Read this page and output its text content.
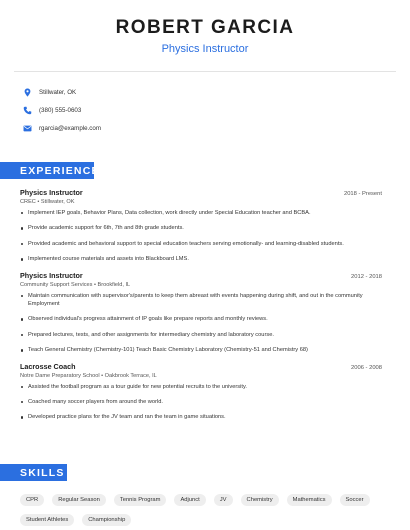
ROBERT GARCIA
Physics Instructor
Stillwater, OK
(380) 555-0603
rgarcia@example.com
EXPERIENCE
Physics Instructor	2018 - Present
CREC • Stillwater, OK
Implement IEP goals, Behavior Plans, Data collection, work directly under Special Education teacher and BCBA.
Provide academic support for 6th, 7th and 8th grade students.
Provided academic and behavioral support to special education teachers serving emotionally- and learning-disabled students.
Implemented course materials and assets into Blackboard LMS.
Physics Instructor	2012 - 2018
Community Support Services • Brookfield, IL
Maintain communication with supervisor's/parents to keep them abreast with events happening during shift, and out in the community Employment
Observed individual's progress attainment of IP goals like prepare reports and monthly reviews.
Prepared lectures, tests, and other assignments for intermediary chemistry and laboratory course.
Teach General Chemistry (Chemistry-101) Teach Basic Chemistry Laboratory (Chemistry-51 and Chemistry 68)
Lacrosse Coach	2006 - 2008
Notre Dame Preparatory School • Oakbrook Terrace, IL
Assisted the football program as a tour guide for new potential recruits to the university.
Coached many soccer players from around the world.
Developed practice plans for the JV team and ran the team in game situations.
SKILLS
CPR	Regular Season	Tennis Program	Adjunct	JV	Chemistry	Mathematics	Soccer
Student Athletes	Championship
